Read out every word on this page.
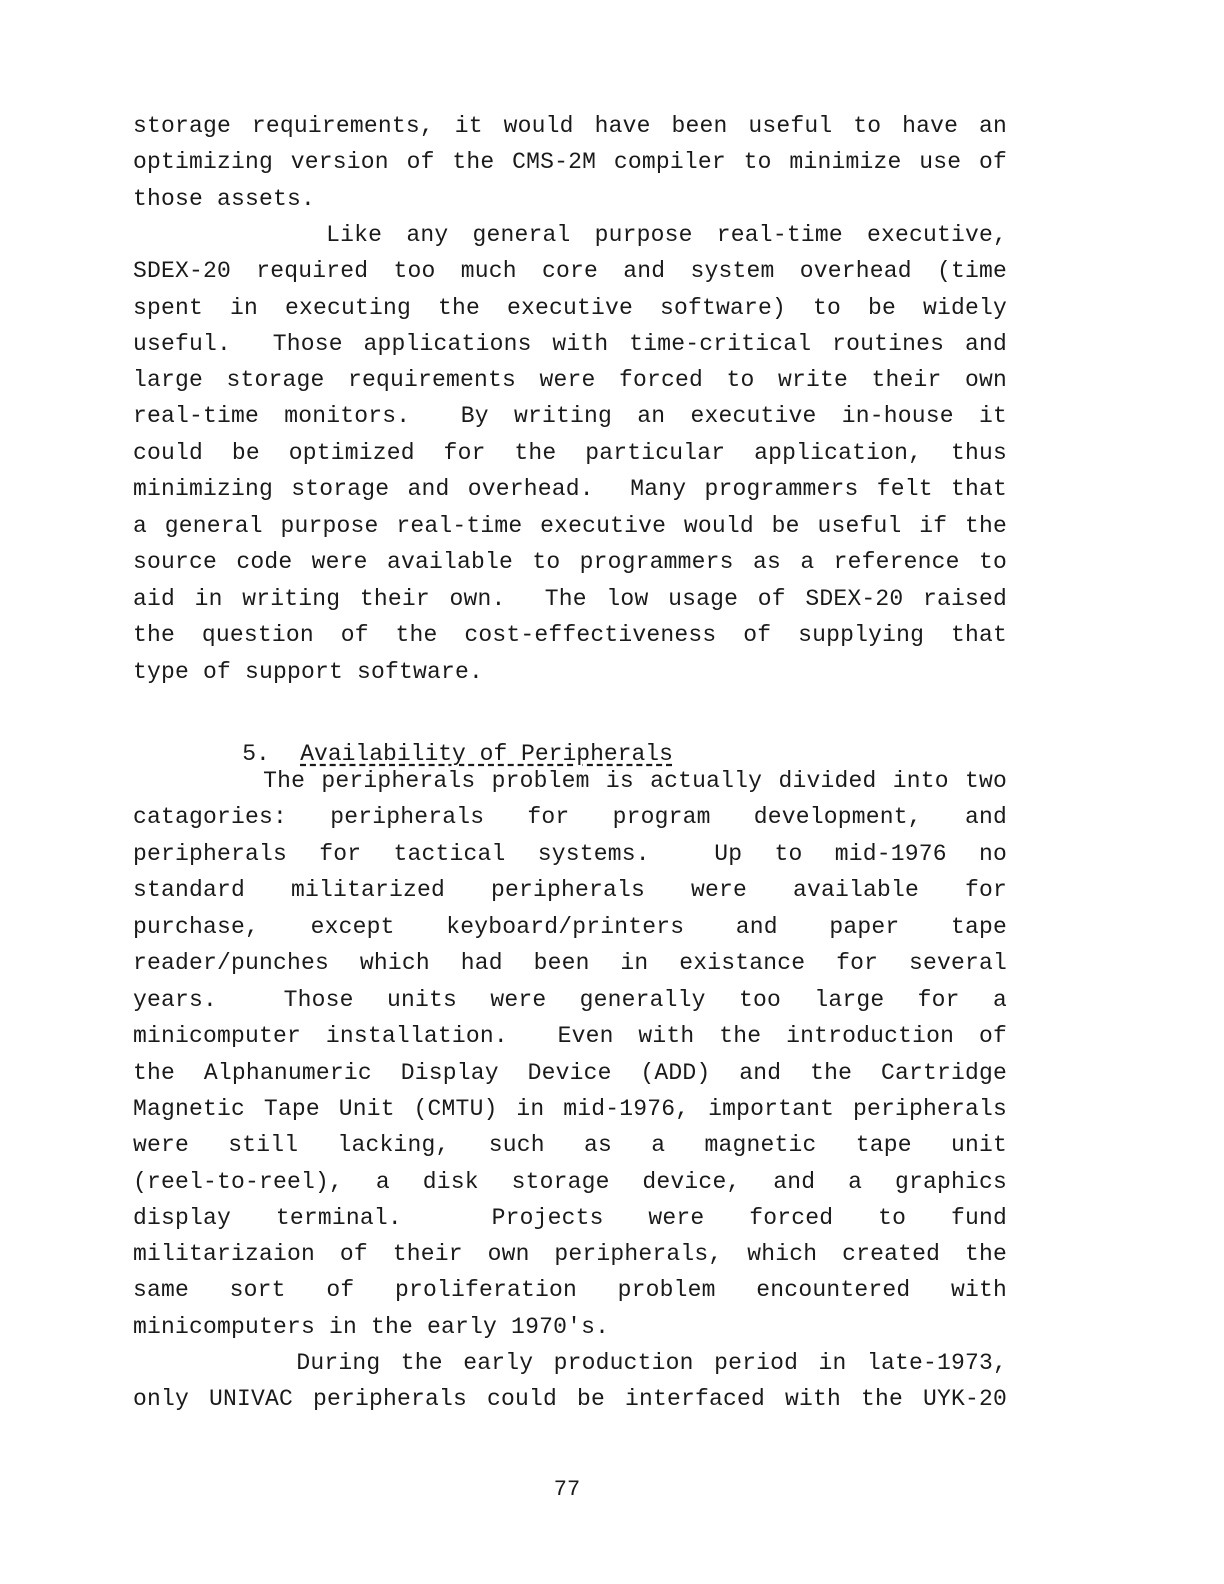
storage requirements, it would have been useful to have an
optimizing version of the CMS-2M compiler to minimize use of
those assets.
Like any general purpose real-time executive,
SDEX-20 required too much core and system overhead (time
spent in executing the executive software) to be widely
useful.  Those applications with time-critical routines and
large storage requirements were forced to write their own
real-time monitors.  By writing an executive in-house it
could be optimized for the particular application, thus
minimizing storage and overhead.  Many programmers felt that
a general purpose real-time executive would be useful if the
source code were available to programmers as a reference to
aid in writing their own.  The low usage of SDEX-20 raised
the question of the cost-effectiveness of supplying that
type of support software.

5. Availability of Peripherals

The peripherals problem is actually divided into two
catagories: peripherals for program development, and
peripherals for tactical systems.  Up to mid-1976 no
standard militarized peripherals were available for
purchase, except keyboard/printers and paper tape
reader/punches which had been in existance for several
years.  Those units were generally too large for a
minicomputer installation.  Even with the introduction of
the Alphanumeric Display Device (ADD) and the Cartridge
Magnetic Tape Unit (CMTU) in mid-1976, important peripherals
were still lacking, such as a magnetic tape unit
(reel-to-reel), a disk storage device, and a graphics
display terminal.  Projects were forced to fund
militarizaion of their own peripherals, which created the
same sort of proliferation problem encountered with
minicomputers in the early 1970's.
During the early production period in late-1973,
only UNIVAC peripherals could be interfaced with the UYK-20
77
